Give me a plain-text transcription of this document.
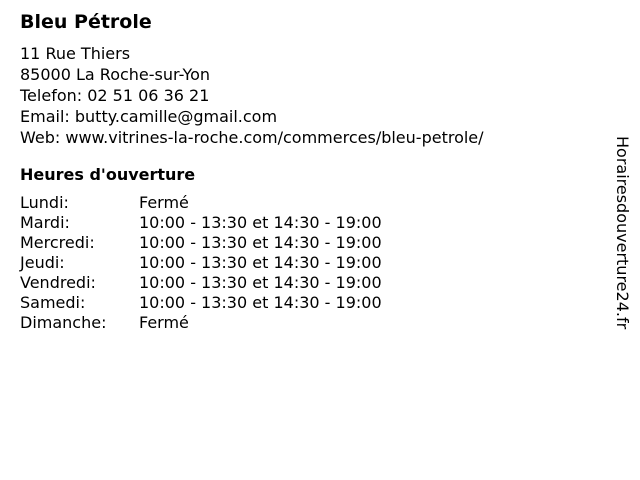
Bleu Pétrole
11 Rue Thiers
85000 La Roche-sur-Yon
Telefon: 02 51 06 36 21
Email: butty.camille@gmail.com
Web: www.vitrines-la-roche.com/commerces/bleu-petrole/
Heures d'ouverture
Lundi:	Fermé
Mardi:	10:00 - 13:30 et 14:30 - 19:00
Mercredi:	10:00 - 13:30 et 14:30 - 19:00
Jeudi:	10:00 - 13:30 et 14:30 - 19:00
Vendredi:	10:00 - 13:30 et 14:30 - 19:00
Samedi:	10:00 - 13:30 et 14:30 - 19:00
Dimanche:	Fermé	Horairesdouverture24.fr
